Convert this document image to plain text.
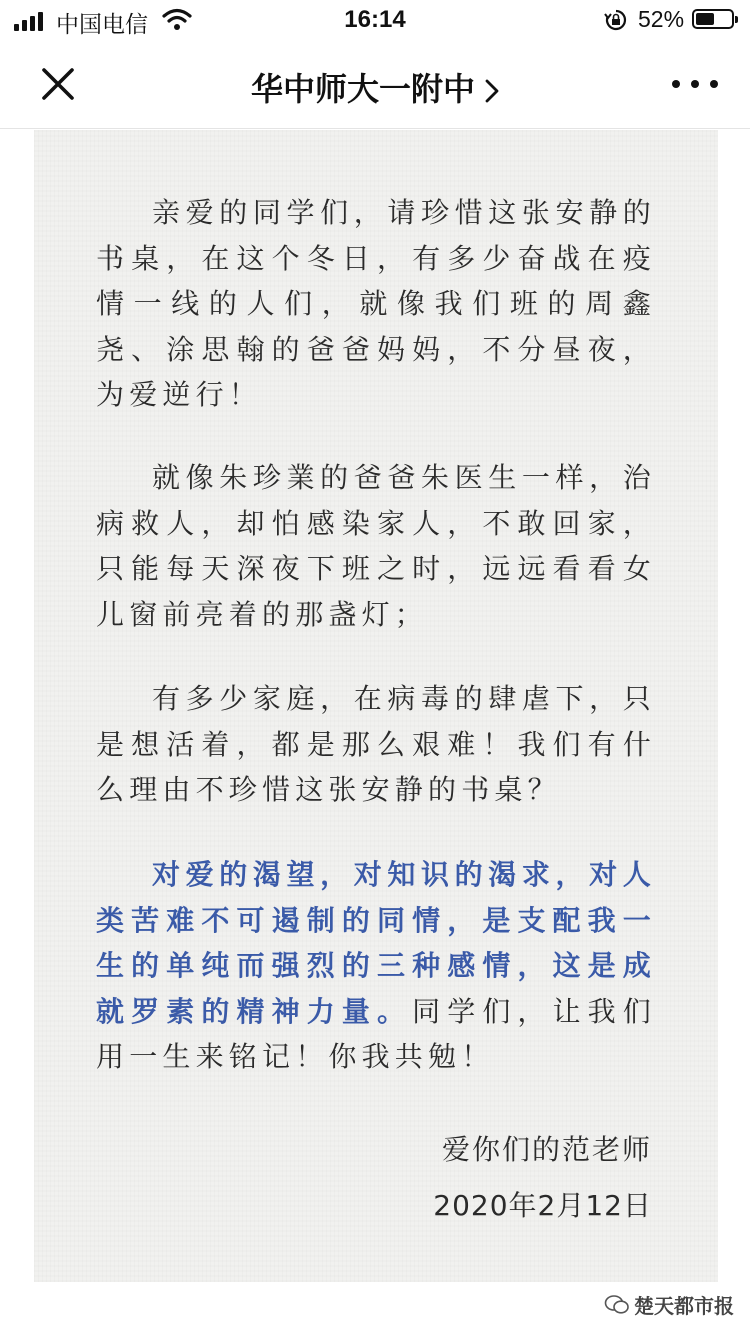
中国电信	16:14	52%
华中师大一附中

亲爱的同学们，请珍惜这张安静的书桌，在这个冬日，有多少奋战在疫情一线的人们，就像我们班的周鑫尧、涂思翰的爸爸妈妈，不分昼夜，为爱逆行！

就像朱珍業的爸爸朱医生一样，治病救人，却怕感染家人，不敢回家，只能每天深夜下班之时，远远看看女儿窗前亮着的那盏灯；

有多少家庭，在病毒的肆虐下，只是想活着，都是那么艰难！我们有什么理由不珍惜这张安静的书桌？

对爱的渴望，对知识的渴求，对人类苦难不可遏制的同情，是支配我一生的单纯而强烈的三种感情，这是成就罗素的精神力量。同学们，让我们用一生来铭记！你我共勉！

爱你们的范老师
2020年2月12日
楚天都市报
